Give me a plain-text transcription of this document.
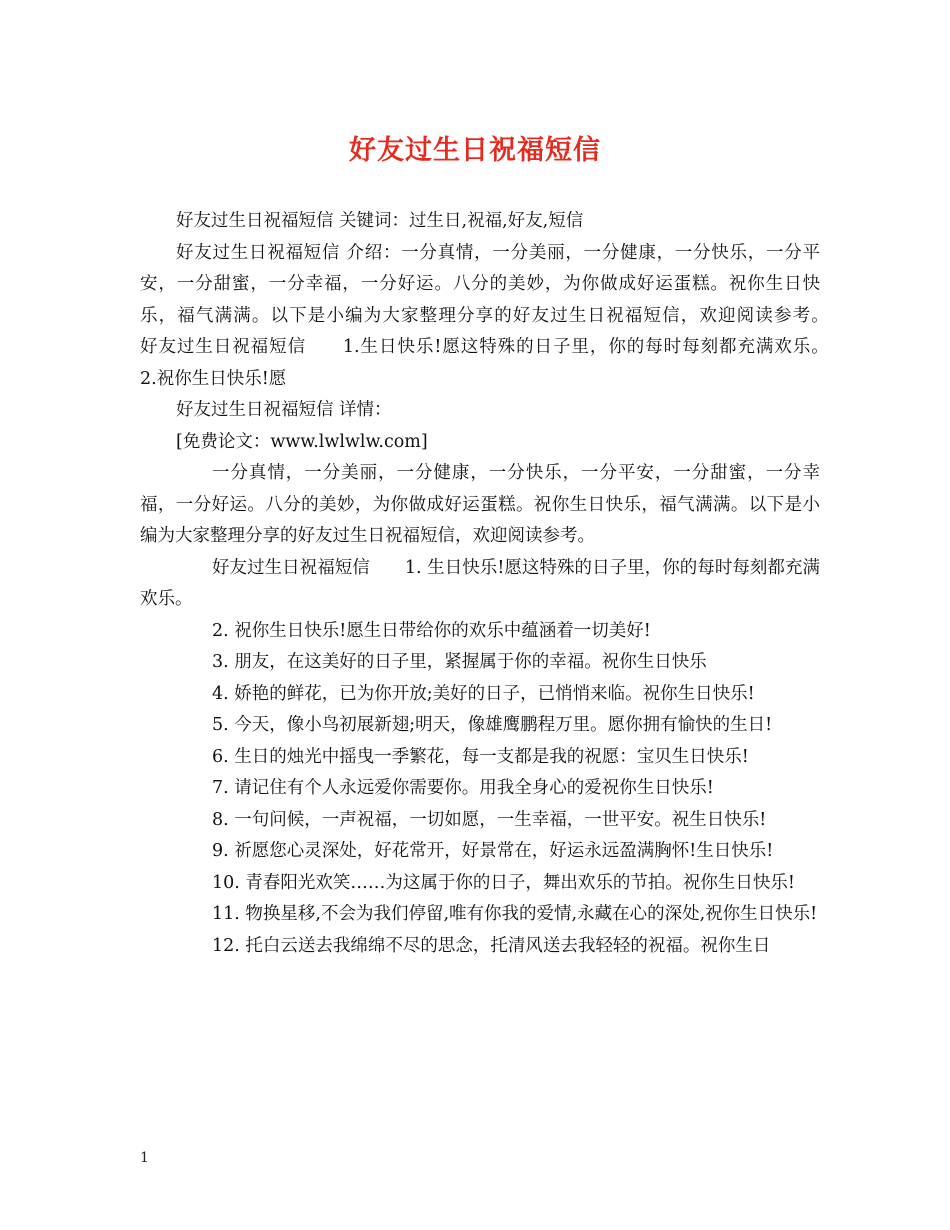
好友过生日祝福短信

好友过生日祝福短信 关键词：过生日,祝福,好友,短信

好友过生日祝福短信 介绍：一分真情，一分美丽，一分健康，一分快乐，一分平安，一分甜蜜，一分幸福，一分好运。八分的美妙，为你做成好运蛋糕。祝你生日快乐，福气满满。以下是小编为大家整理分享的好友过生日祝福短信，欢迎阅读参考。　　好友过生日祝福短信　　1.生日快乐!愿这特殊的日子里，你的每时每刻都充满欢乐。　　2.祝你生日快乐!愿

好友过生日祝福短信 详情：

[免费论文：www.lwlwlw.com]

一分真情，一分美丽，一分健康，一分快乐，一分平安，一分甜蜜，一分幸福，一分好运。八分的美妙，为你做成好运蛋糕。祝你生日快乐，福气满满。以下是小编为大家整理分享的好友过生日祝福短信，欢迎阅读参考。

好友过生日祝福短信　　1. 生日快乐!愿这特殊的日子里，你的每时每刻都充满欢乐。

2. 祝你生日快乐!愿生日带给你的欢乐中蕴涵着一切美好!

3. 朋友，在这美好的日子里，紧握属于你的幸福。祝你生日快乐

4. 娇艳的鲜花，已为你开放;美好的日子，已悄悄来临。祝你生日快乐!

5. 今天，像小鸟初展新翅;明天，像雄鹰鹏程万里。愿你拥有愉快的生日!

6. 生日的烛光中摇曳一季繁花，每一支都是我的祝愿：宝贝生日快乐!

7. 请记住有个人永远爱你需要你。用我全身心的爱祝你生日快乐!

8. 一句问候，一声祝福，一切如愿，一生幸福，一世平安。祝生日快乐!

9. 祈愿您心灵深处，好花常开，好景常在，好运永远盈满胸怀!生日快乐!

10. 青春阳光欢笑……为这属于你的日子，舞出欢乐的节拍。祝你生日快乐!

11. 物换星移,不会为我们停留,唯有你我的爱情,永藏在心的深处,祝你生日快乐!

12. 托白云送去我绵绵不尽的思念，托清风送去我轻轻的祝福。祝你生日

1
